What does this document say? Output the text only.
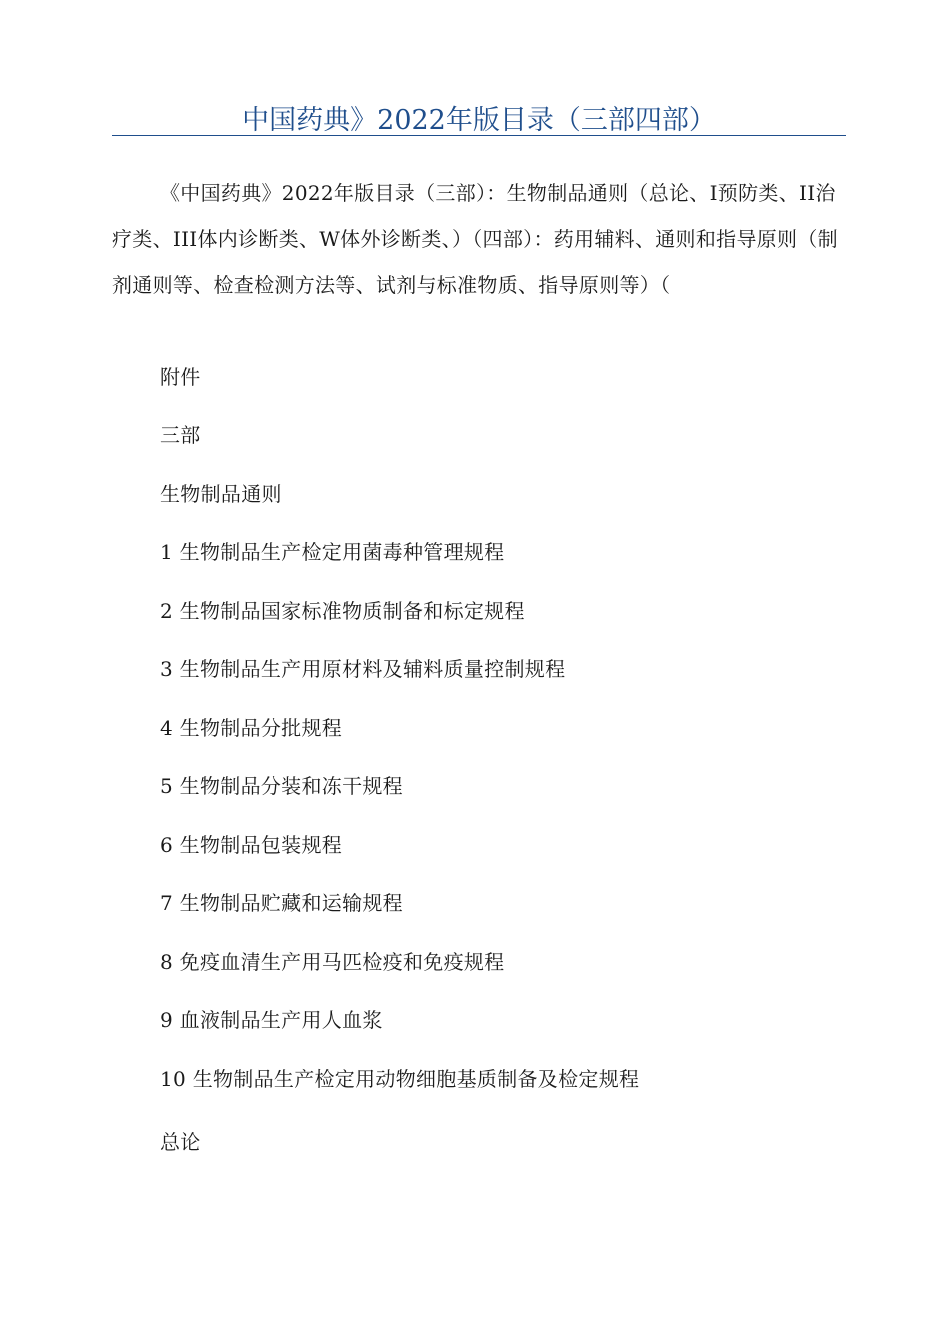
中国药典》2022年版目录（三部四部）

《中国药典》2022年版目录（三部）：生物制品通则（总论、I预防类、II治疗类、III体内诊断类、W体外诊断类、）（四部）：药用辅料、通则和指导原则（制剂通则等、检查检测方法等、试剂与标准物质、指导原则等）（

附件

三部

生物制品通则

1 生物制品生产检定用菌毒种管理规程

2 生物制品国家标准物质制备和标定规程

3 生物制品生产用原材料及辅料质量控制规程

4 生物制品分批规程

5 生物制品分装和冻干规程

6 生物制品包装规程

7 生物制品贮藏和运输规程

8 免疫血清生产用马匹检疫和免疫规程

9 血液制品生产用人血浆

10 生物制品生产检定用动物细胞基质制备及检定规程

总论
